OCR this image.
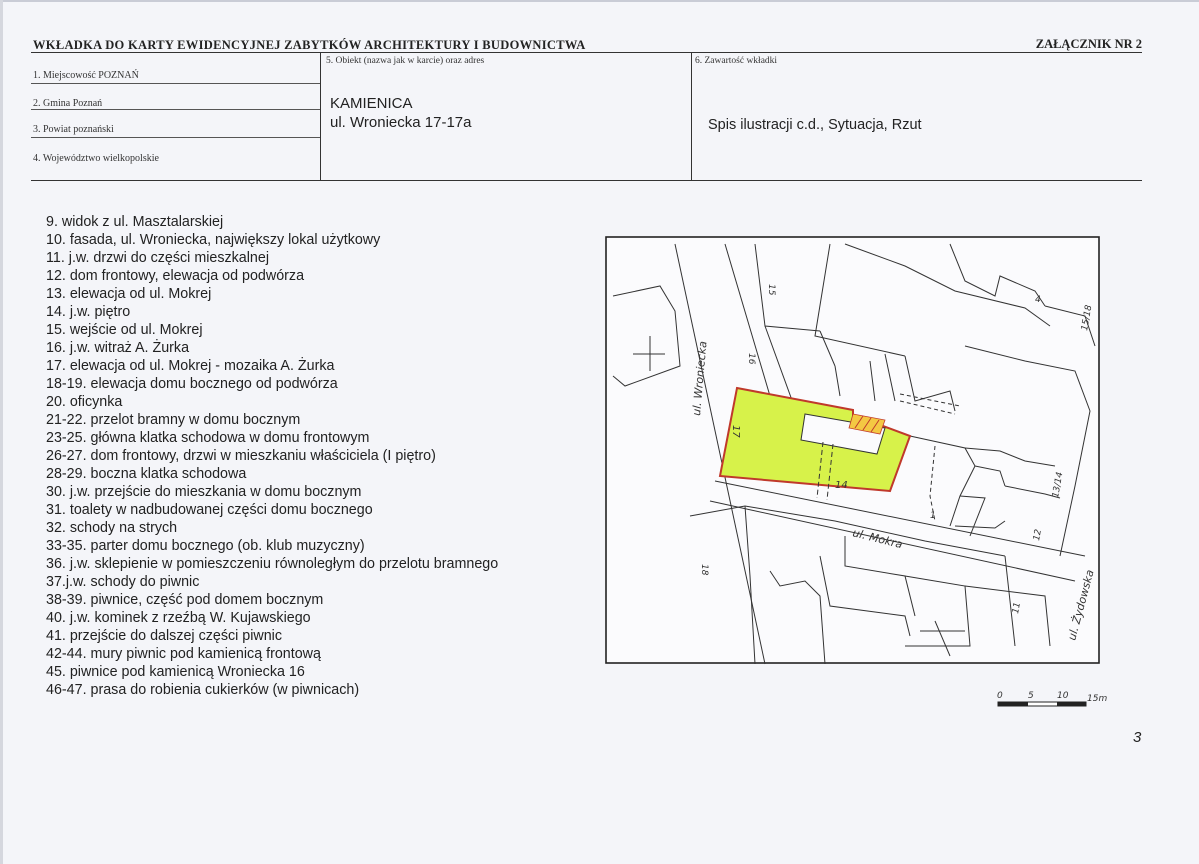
WKŁADKA DO KARTY EWIDENCYJNEJ ZABYTKÓW ARCHITEKTURY I BUDOWNICTWA	ZAŁĄCZNIK NR 2
1. Miejscowość POZNAŃ
2. Gmina Poznań
3. Powiat poznański
4. Województwo wielkopolskie
5. Obiekt (nazwa jak w karcie) oraz adres
KAMIENICA
ul. Wroniecka 17-17a
6. Zawartość wkładki
Spis ilustracji c.d., Sytuacja, Rzut
9. widok z ul. Masztalarskiej
10. fasada, ul. Wroniecka, największy lokal użytkowy
11. j.w. drzwi do części mieszkalnej
12. dom frontowy, elewacja od podwórza
13. elewacja od ul. Mokrej
14. j.w. piętro
15. wejście od ul. Mokrej
16. j.w. witraż A. Żurka
17. elewacja od ul. Mokrej - mozaika A. Żurka
18-19. elewacja domu bocznego od podwórza
20. oficynka
21-22. przelot bramny w domu bocznym
23-25. główna klatka schodowa w domu frontowym
26-27. dom frontowy, drzwi w mieszkaniu właściciela (I piętro)
28-29. boczna klatka schodowa
30. j.w. przejście do mieszkania w domu bocznym
31. toalety w nadbudowanej części domu bocznego
32. schody na strych
33-35. parter domu bocznego (ob. klub muzyczny)
36. j.w. sklepienie w pomieszczeniu równoległym do przelotu bramnego
37.j.w. schody do piwnic
38-39. piwnice, część pod domem bocznym
40. j.w. kominek z rzeźbą W. Kujawskiego
41. przejście do dalszej części piwnic
42-44. mury piwnic pod kamienicą frontową
45. piwnice pod kamienicą Wroniecka 16
46-47. prasa do robienia cukierków (w piwnicach)
ul. Wroniecka
ul. Mokra
ul. Żydowska
15
16
17
14
15/18
13/14
12
11
18
4
1
0	5	10 15m
3
